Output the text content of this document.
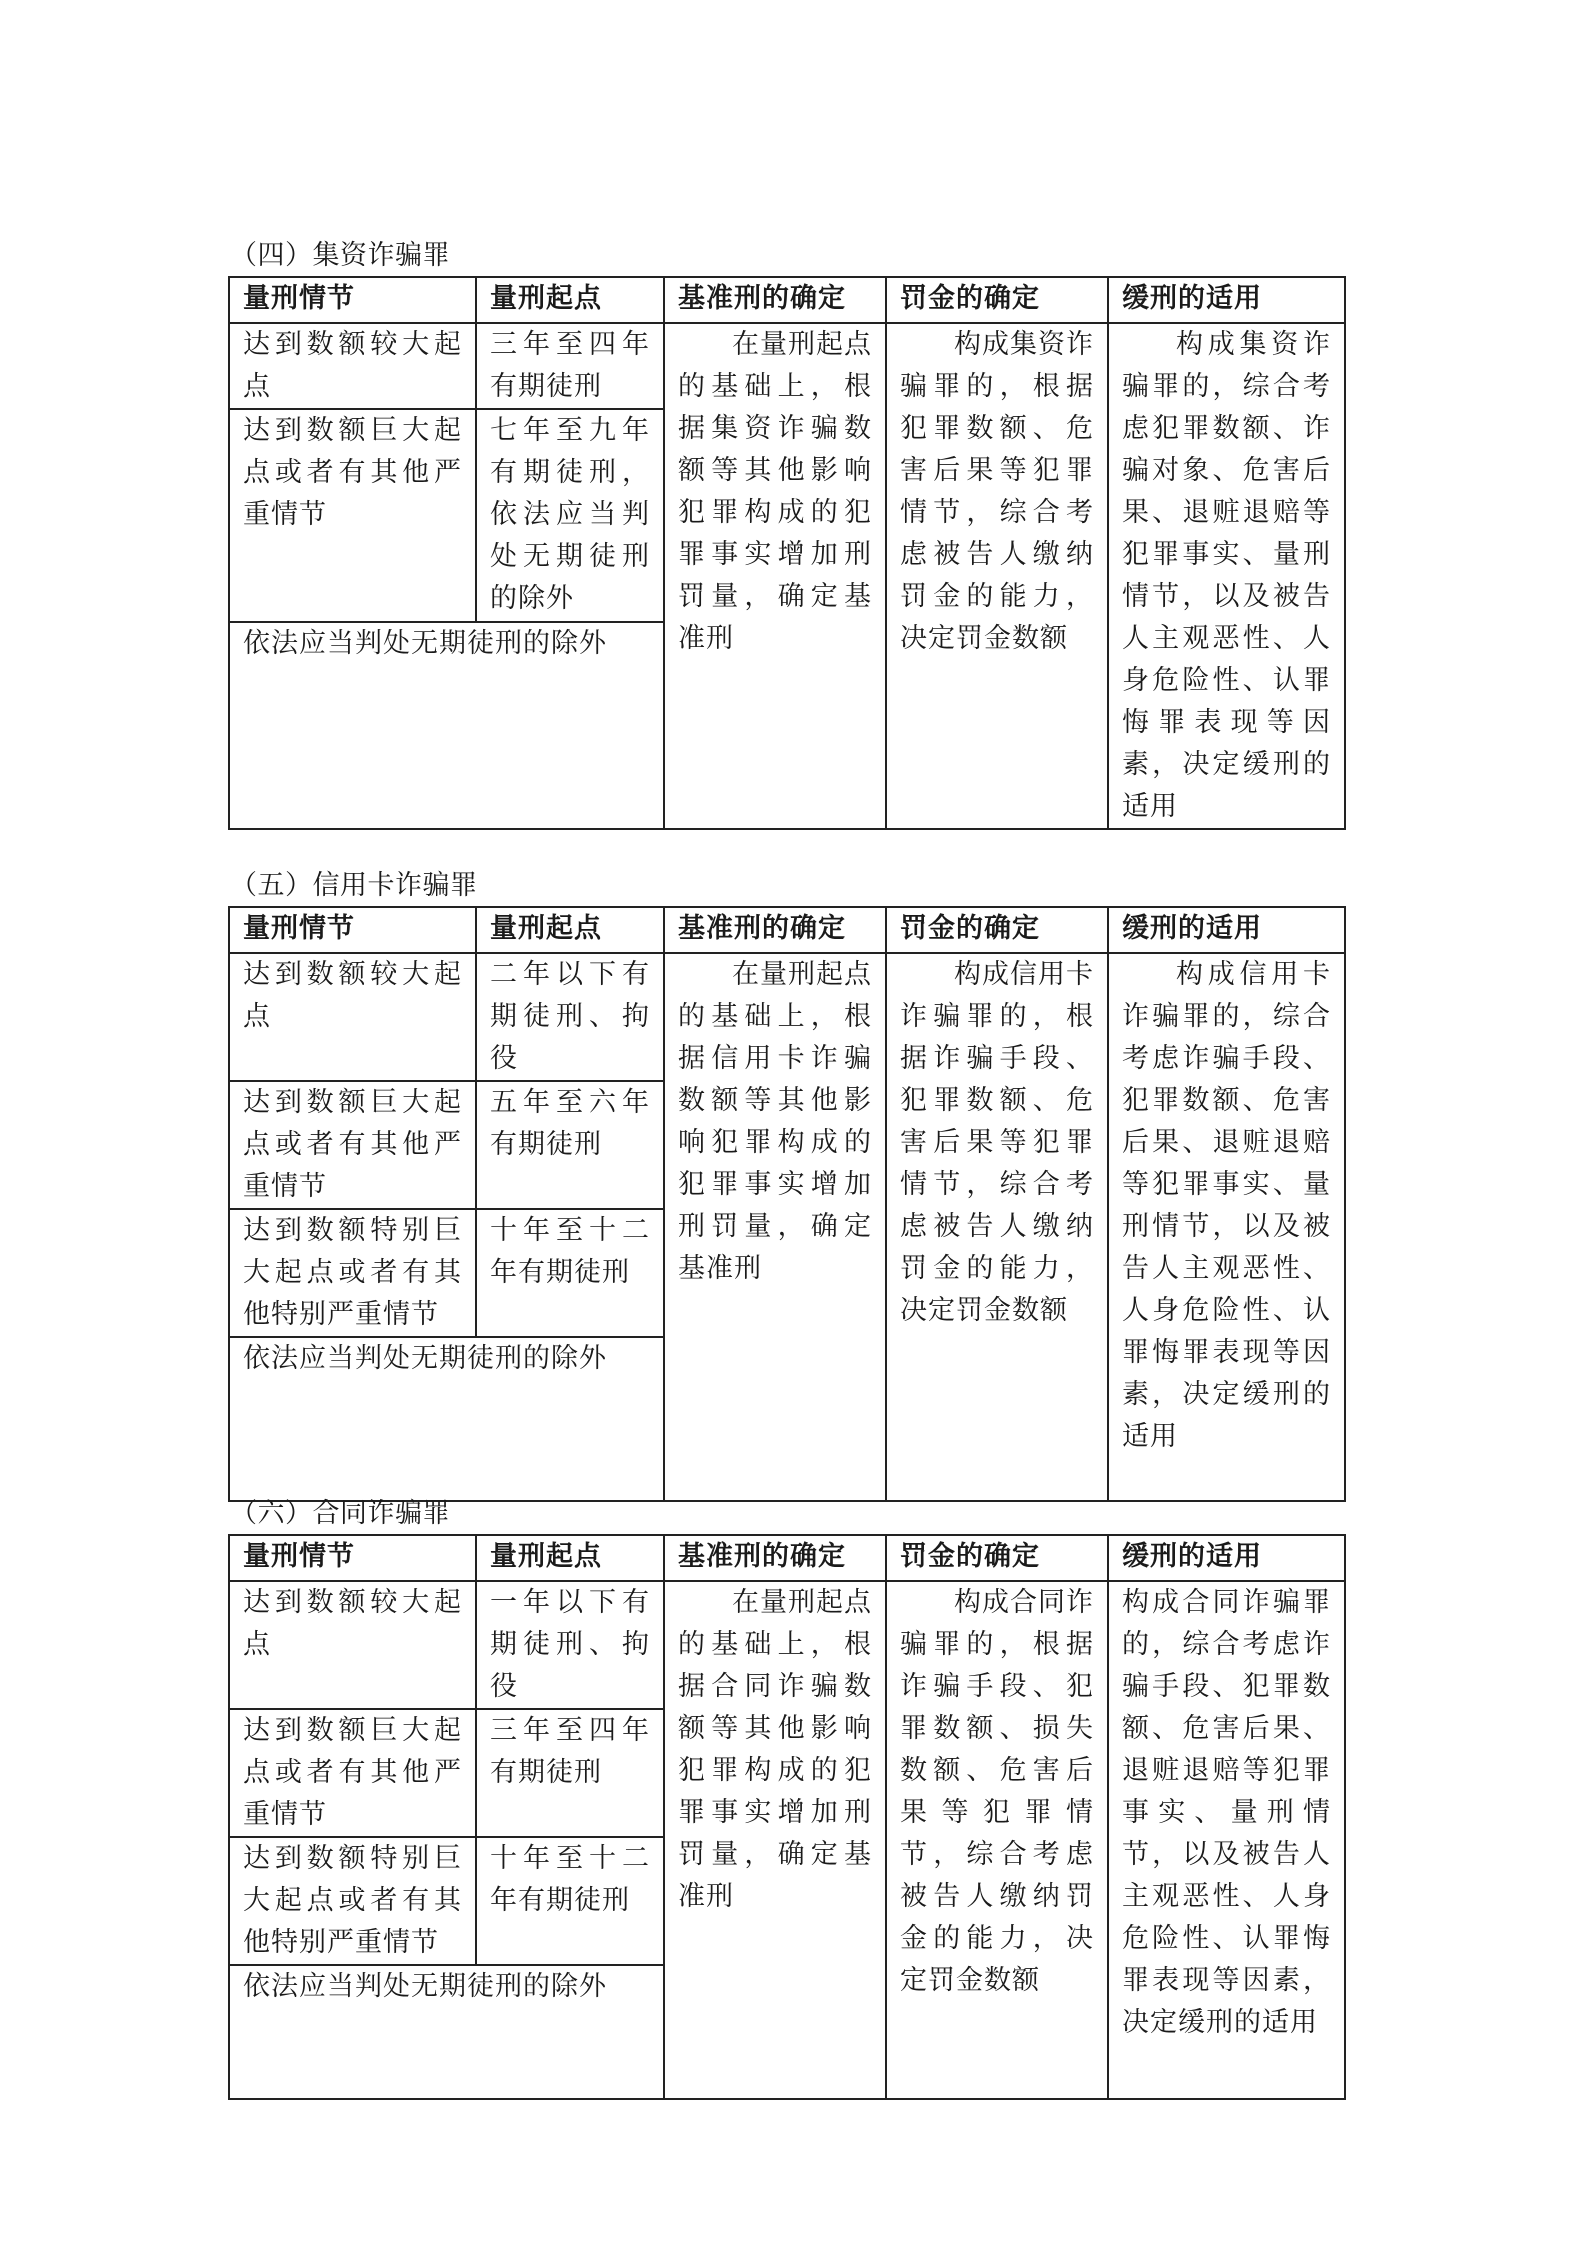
（四）集资诈骗罪
量刑情节	量刑起点	基准刑的确定	罚金的确定	缓刑的适用
达到数额较大起点	三年至四年有期徒刑	在量刑起点的基础上，根据集资诈骗数额等其他影响犯罪构成的犯罪事实增加刑罚量，确定基准刑	构成集资诈骗罪的，根据犯罪数额、危害后果等犯罪情节，综合考虑被告人缴纳罚金的能力，决定罚金数额	构成集资诈骗罪的，综合考虑犯罪数额、诈骗对象、危害后果、退赃退赔等犯罪事实、量刑情节，以及被告人主观恶性、人身危险性、认罪悔罪表现等因素，决定缓刑的适用
达到数额巨大起点或者有其他严重情节	七年至九年有期徒刑，依法应当判处无期徒刑的除外			
依法应当判处无期徒刑的除外				
（五）信用卡诈骗罪
量刑情节	量刑起点	基准刑的确定	罚金的确定	缓刑的适用
达到数额较大起点	二年以下有期徒刑、拘役	在量刑起点的基础上，根据信用卡诈骗数额等其他影响犯罪构成的犯罪事实增加刑罚量，确定基准刑	构成信用卡诈骗罪的，根据诈骗手段、犯罪数额、危害后果等犯罪情节，综合考虑被告人缴纳罚金的能力，决定罚金数额	构成信用卡诈骗罪的，综合考虑诈骗手段、犯罪数额、危害后果、退赃退赔等犯罪事实、量刑情节，以及被告人主观恶性、人身危险性、认罪悔罪表现等因素，决定缓刑的适用
达到数额巨大起点或者有其他严重情节	五年至六年有期徒刑			
达到数额特别巨大起点或者有其他特别严重情节	十年至十二年有期徒刑			
依法应当判处无期徒刑的除外				
（六）合同诈骗罪
量刑情节	量刑起点	基准刑的确定	罚金的确定	缓刑的适用
达到数额较大起点	一年以下有期徒刑、拘役	在量刑起点的基础上，根据合同诈骗数额等其他影响犯罪构成的犯罪事实增加刑罚量，确定基准刑	构成合同诈骗罪的，根据诈骗手段、犯罪数额、损失数额、危害后果等犯罪情节，综合考虑被告人缴纳罚金的能力，决定罚金数额	构成合同诈骗罪的，综合考虑诈骗手段、犯罪数额、危害后果、退赃退赔等犯罪事实、量刑情节，以及被告人主观恶性、人身危险性、认罪悔罪表现等因素，决定缓刑的适用
达到数额巨大起点或者有其他严重情节	三年至四年有期徒刑			
达到数额特别巨大起点或者有其他特别严重情节	十年至十二年有期徒刑			
依法应当判处无期徒刑的除外				
